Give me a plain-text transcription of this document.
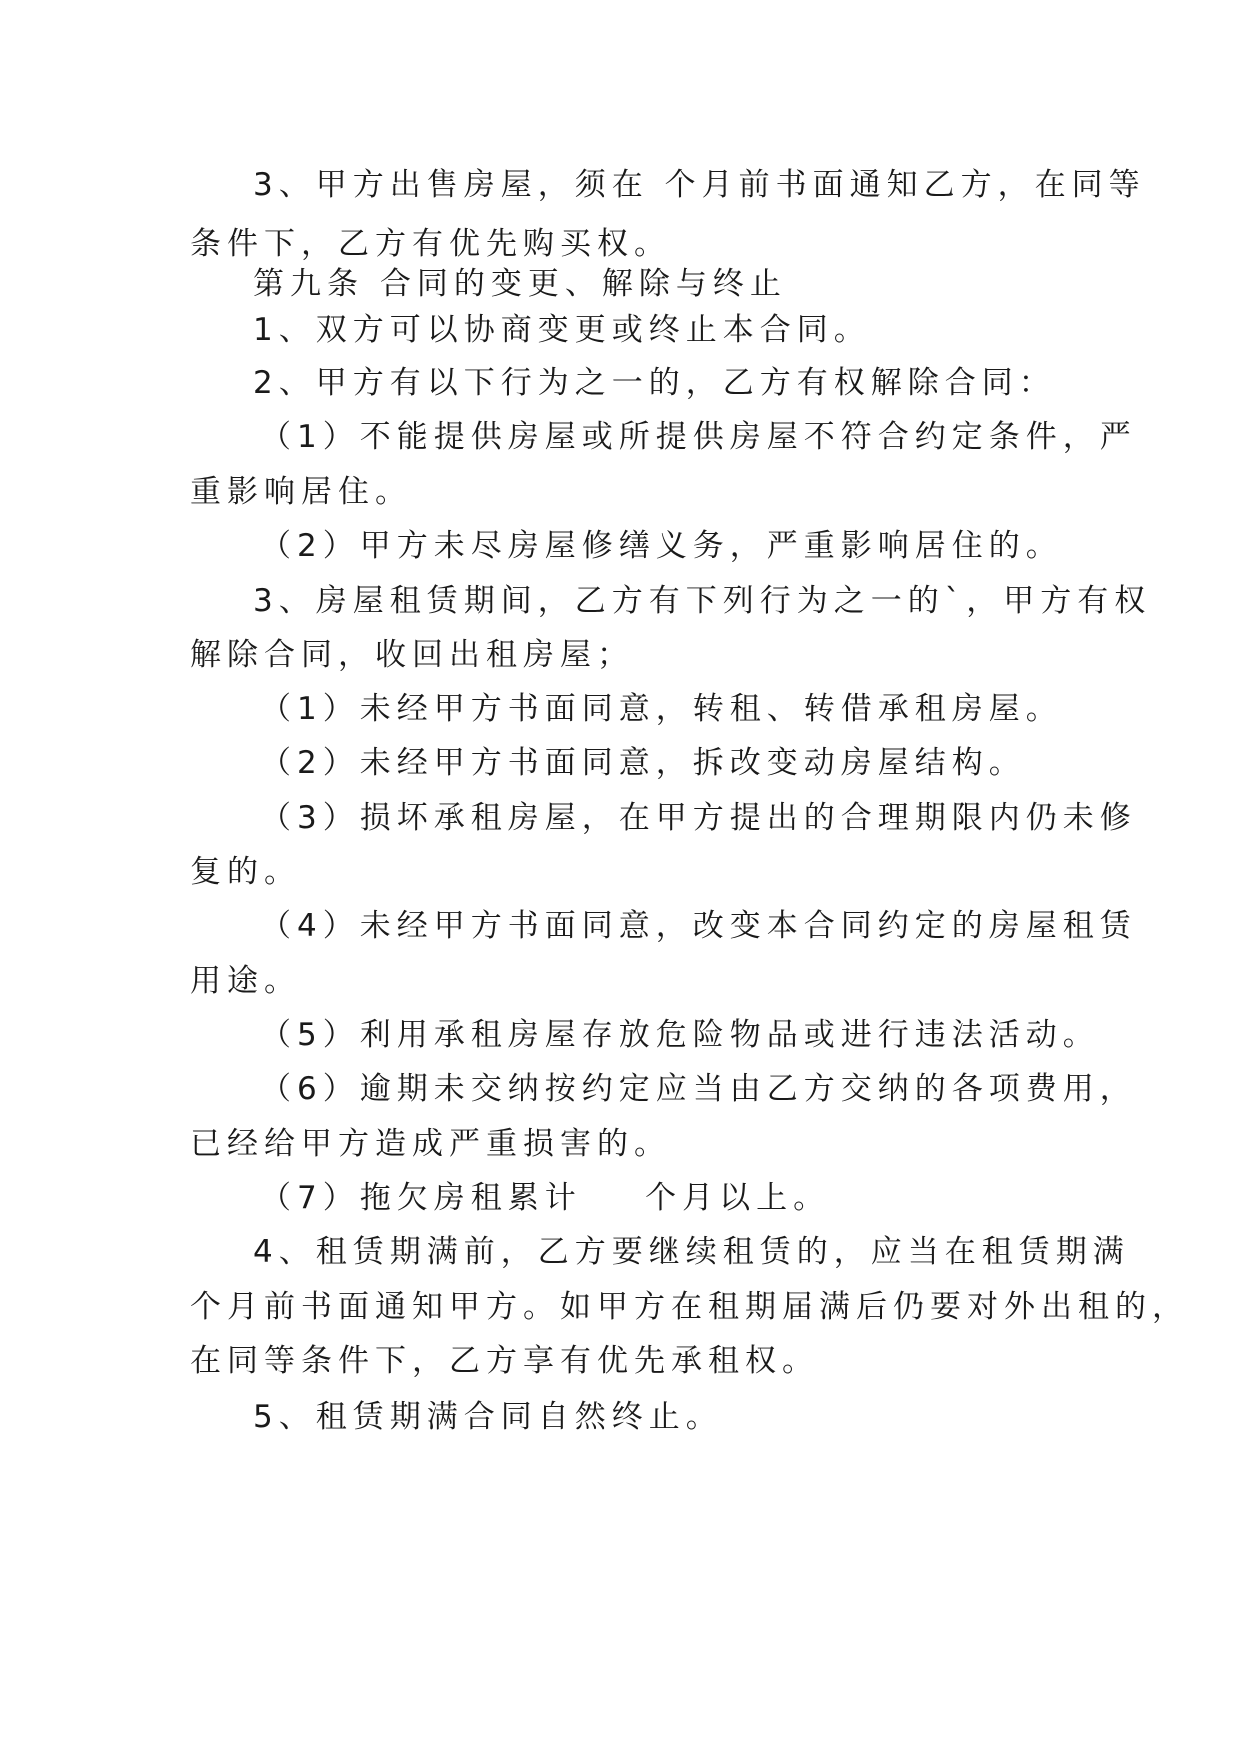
3、甲方出售房屋，须在 个月前书面通知乙方，在同等
条件下，乙方有优先购买权。
第九条 合同的变更、解除与终止
1、双方可以协商变更或终止本合同。
2、甲方有以下行为之一的，乙方有权解除合同：
（1）不能提供房屋或所提供房屋不符合约定条件，严
重影响居住。
（2）甲方未尽房屋修缮义务，严重影响居住的。
3、房屋租赁期间，乙方有下列行为之一的`，甲方有权
解除合同，收回出租房屋；
（1）未经甲方书面同意，转租、转借承租房屋。
（2）未经甲方书面同意，拆改变动房屋结构。
（3）损坏承租房屋，在甲方提出的合理期限内仍未修
复的。
（4）未经甲方书面同意，改变本合同约定的房屋租赁
用途。
（5）利用承租房屋存放危险物品或进行违法活动。
（6）逾期未交纳按约定应当由乙方交纳的各项费用，
已经给甲方造成严重损害的。
（7）拖欠房租累计    个月以上。
4、租赁期满前，乙方要继续租赁的，应当在租赁期满
个月前书面通知甲方。如甲方在租期届满后仍要对外出租的，
在同等条件下，乙方享有优先承租权。
5、租赁期满合同自然终止。
